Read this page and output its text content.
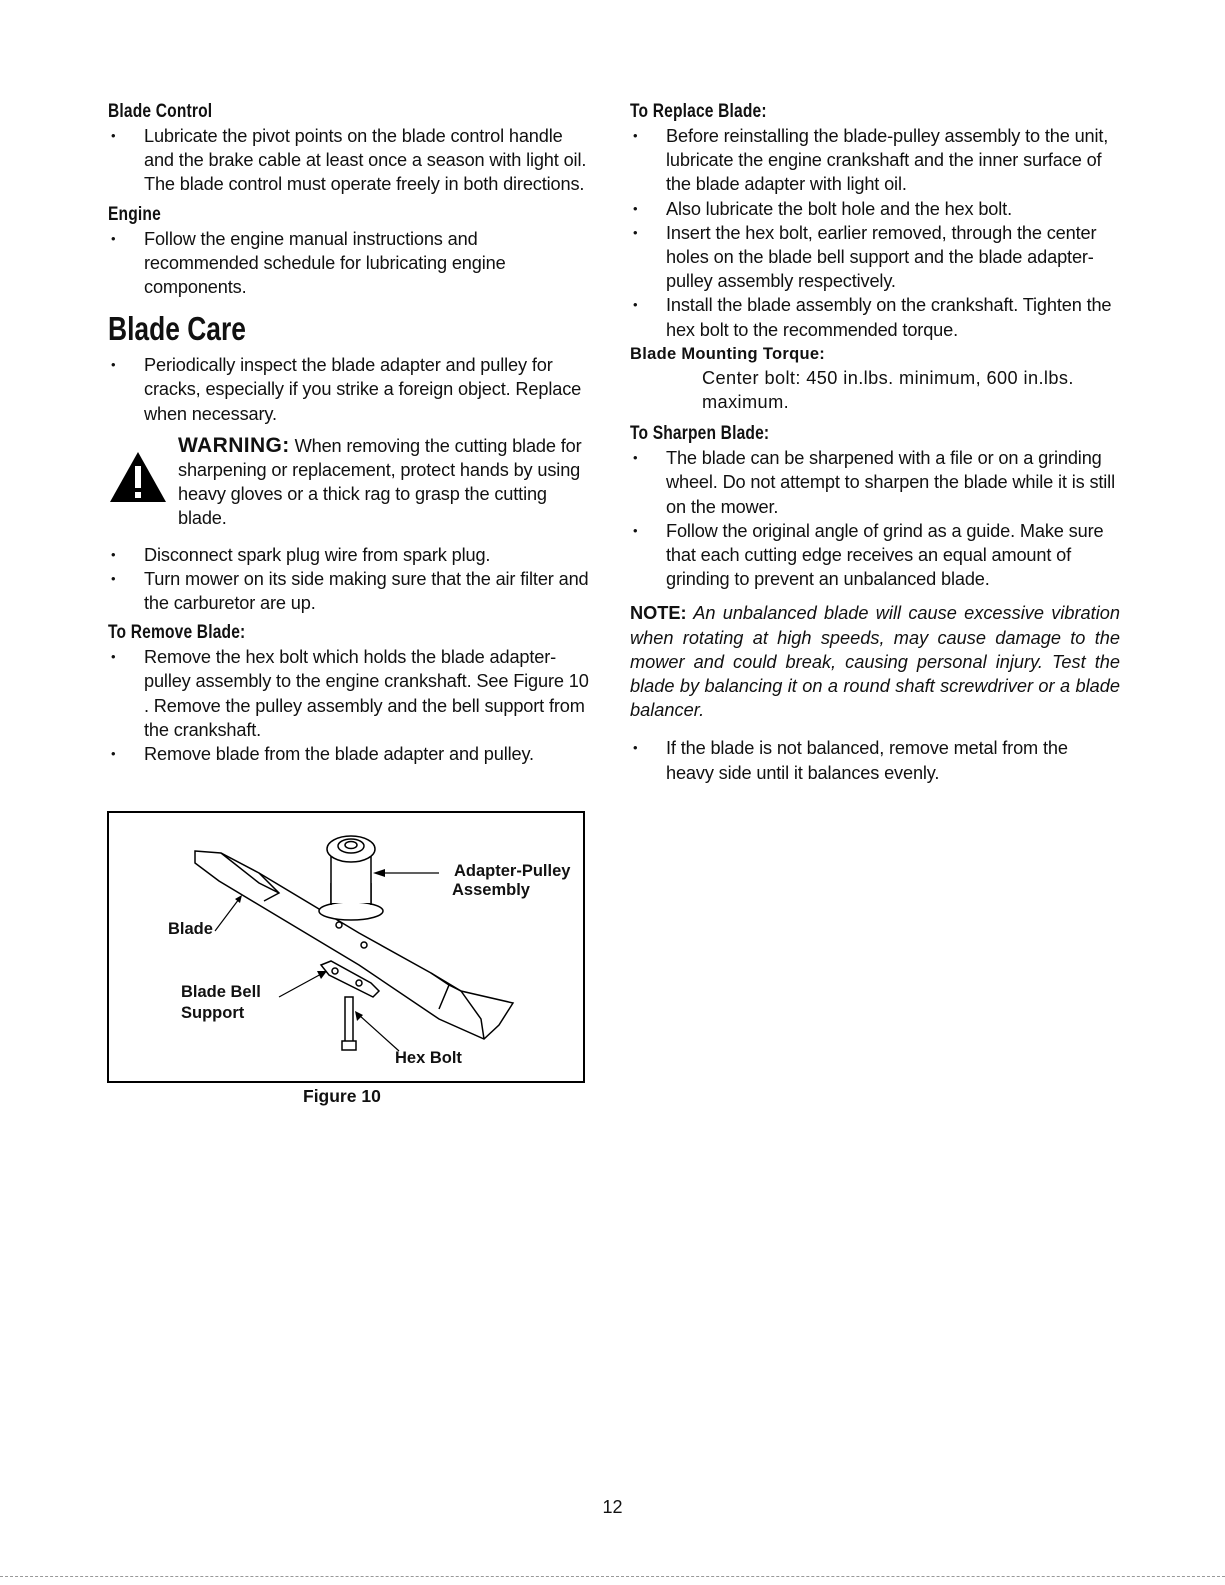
Blade Control
• Lubricate the pivot points on the blade control handle and the brake cable at least once a season with light oil. The blade control must operate freely in both directions.
Engine
• Follow the engine manual instructions and recommended schedule for lubricating engine components.
Blade Care
• Periodically inspect the blade adapter and pulley for cracks, especially if you strike a foreign object. Replace when necessary.

WARNING: When removing the cutting blade for sharpening or replacement, protect hands by using heavy gloves or a thick rag to grasp the cutting blade.

• Disconnect spark plug wire from spark plug.
• Turn mower on its side making sure that the air filter and the carburetor are up.
To Remove Blade:
• Remove the hex bolt which holds the blade adapter-pulley assembly to the engine crankshaft. See Figure 10 . Remove the pulley assembly and the bell support from the crankshaft.
• Remove blade from the blade adapter and pulley.
Adapter-Pulley
Assembly
Blade
Blade Bell
Support
Hex Bolt
Figure 10
To Replace Blade:
• Before reinstalling the blade-pulley assembly to the unit, lubricate the engine crankshaft and the inner surface of the blade adapter with light oil.
• Also lubricate the bolt hole and the hex bolt.
• Insert the hex bolt, earlier removed, through the center holes on the blade bell support and the blade adapter-pulley assembly respectively.
• Install the blade assembly on the crankshaft. Tighten the hex bolt to the recommended torque.
Blade Mounting Torque:
Center bolt: 450 in.lbs. minimum, 600 in.lbs. maximum.
To Sharpen Blade:
• The blade can be sharpened with a file or on a grinding wheel. Do not attempt to sharpen the blade while it is still on the mower.
• Follow the original angle of grind as a guide. Make sure that each cutting edge receives an equal amount of grinding to prevent an unbalanced blade.

NOTE: An unbalanced blade will cause excessive vibration when rotating at high speeds, may cause damage to the mower and could break, causing personal injury. Test the blade by balancing it on a round shaft screwdriver or a blade balancer.

• If the blade is not balanced, remove metal from the heavy side until it balances evenly.
12
